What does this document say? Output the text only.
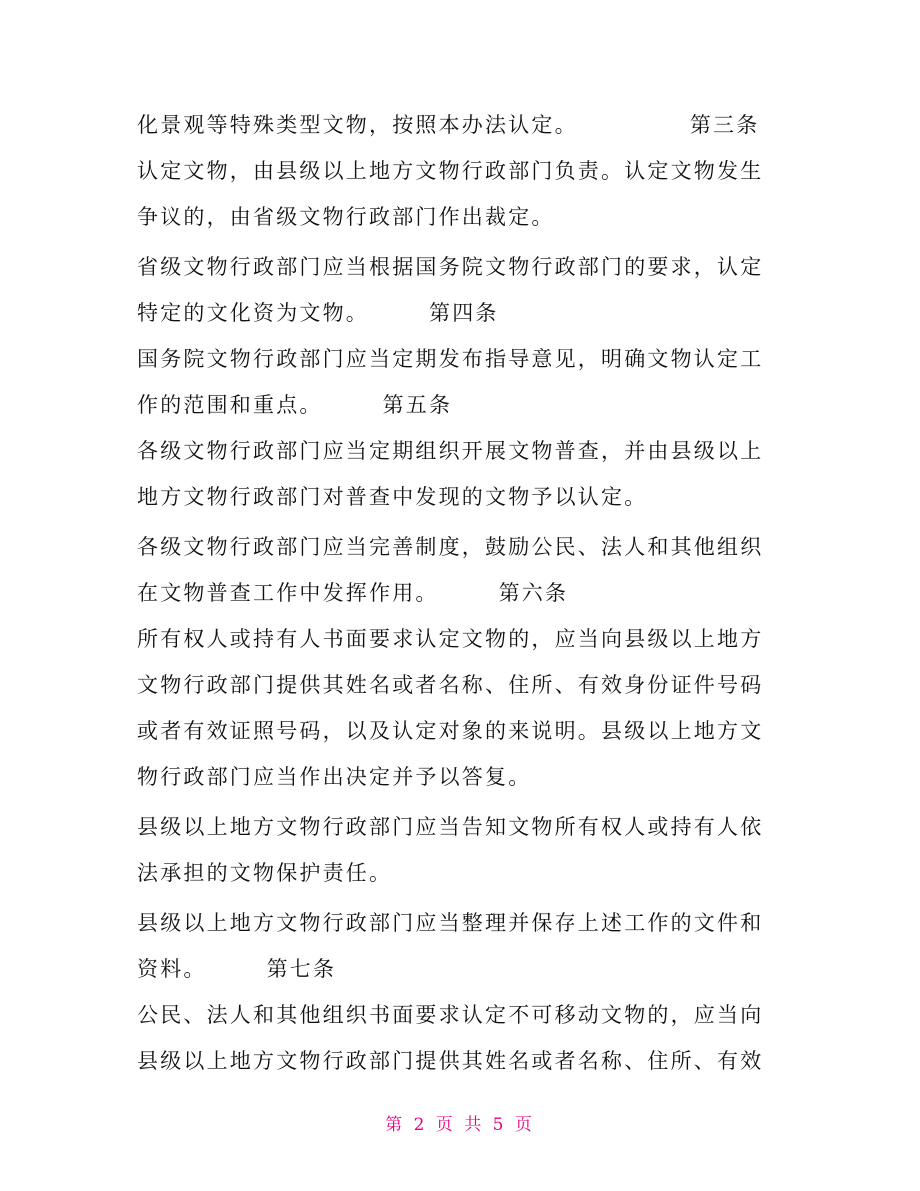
化景观等特殊类型文物，按照本办法认定。	第三条
认定文物，由县级以上地方文物行政部门负责。认定文物发生
争议的，由省级文物行政部门作出裁定。
省级文物行政部门应当根据国务院文物行政部门的要求，认定
特定的文化资为文物。	第四条
国务院文物行政部门应当定期发布指导意见，明确文物认定工
作的范围和重点。	第五条
各级文物行政部门应当定期组织开展文物普查，并由县级以上
地方文物行政部门对普查中发现的文物予以认定。
各级文物行政部门应当完善制度，鼓励公民、法人和其他组织
在文物普查工作中发挥作用。	第六条
所有权人或持有人书面要求认定文物的，应当向县级以上地方
文物行政部门提供其姓名或者名称、住所、有效身份证件号码
或者有效证照号码，以及认定对象的来说明。县级以上地方文
物行政部门应当作出决定并予以答复。
县级以上地方文物行政部门应当告知文物所有权人或持有人依
法承担的文物保护责任。
县级以上地方文物行政部门应当整理并保存上述工作的文件和
资料。	第七条
公民、法人和其他组织书面要求认定不可移动文物的，应当向
县级以上地方文物行政部门提供其姓名或者名称、住所、有效
第 2 页 共 5 页
